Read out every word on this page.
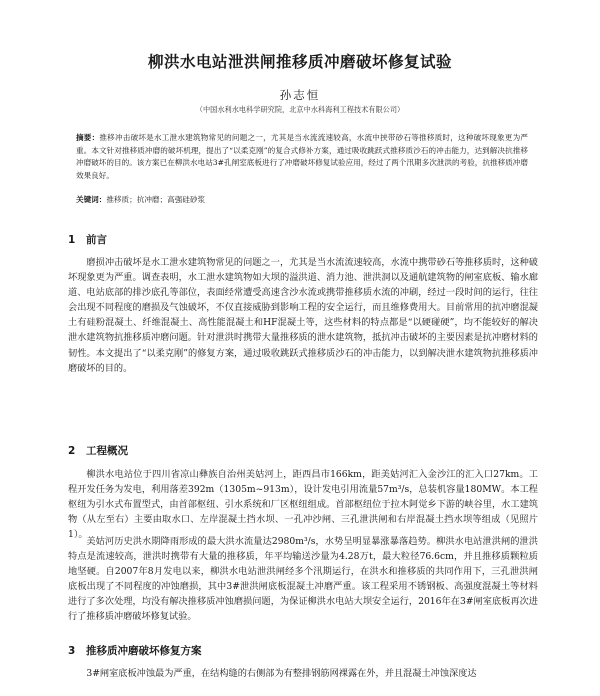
柳洪水电站泄洪闸推移质冲磨破坏修复试验
孙志恒
（中国水利水电科学研究院，北京中水科海利工程技术有限公司）
摘要：推移冲击破坏是水工泄水建筑物常见的问题之一，尤其是当水流流速较高，水流中挟带砂石等推移质时，这种破坏现象更为严重。本文针对推移质冲磨的破坏机理，提出了“以柔克刚”的复合式修补方案，通过吸收跳跃式推移质沙石的冲击能力，达到解决抗推移冲磨破坏的目的。该方案已在柳洪水电站3#孔闸室底板进行了冲磨破坏修复试验应用，经过了两个汛期多次泄洪的考验，抗推移质冲磨效果良好。
关键词：推移质；抗冲磨；高强硅砂浆
1 前言

磨损冲击破坏是水工泄水建筑物常见的问题之一，尤其是当水流流速较高，水流中携带砂石等推移质时，这种破坏现象更为严重。调查表明，水工泄水建筑物如大坝的溢洪道、消力池、泄洪洞以及通航建筑物的闸室底板、输水廊道、电站底部的排沙底孔等部位，表面经常遭受高速含沙水流或携带推移质水流的冲刷，经过一段时间的运行，往往会出现不同程度的磨损及气蚀破坏，不仅直接威胁到影响工程的安全运行，而且维修费用大。目前常用的抗冲磨混凝土有硅粉混凝土、纤维混凝土、高性能混凝土和HF混凝土等，这些材料的特点都是“以硬碰硬”，均不能较好的解决泄水建筑物抗推移质冲磨问题。针对泄洪时携带大量推移质的泄水建筑物，抵抗冲击破坏的主要因素是抗冲磨材料的韧性。本文提出了“以柔克刚”的修复方案，通过吸收跳跃式推移质沙石的冲击能力，以到解决泄水建筑物抗推移质冲磨破坏的目的。

2 工程概况

柳洪水电站位于四川省凉山彝族自治州美姑河上，距西昌市166km，距美姑河汇入金沙江的汇入口27km。工程开发任务为发电，利用落差392m（1305m~913m），设计发电引用流量57m³/s，总装机容量180MW。本工程枢纽为引水式布置型式，由首部枢纽、引水系统和厂区枢纽组成。首部枢纽位于拉木阿觉乡下游的峡谷里，水工建筑物（从左至右）主要由取水口、左岸混凝土挡水坝、一孔冲沙闸、三孔泄洪闸和右岸混凝土挡水坝等组成（见照片1）。

美姑河历史洪水期降雨形成的最大洪水流量达2980m³/s，水势呈明显暴涨暴落趋势。柳洪水电站泄洪闸的泄洪特点是流速较高，泄洪时携带有大量的推移质，年平均输送沙量为4.28万t，最大粒径76.6cm，并且推移质颗粒质地坚硬。自2007年8月发电以来，柳洪水电站泄洪闸经多个汛期运行，在洪水和推移质的共同作用下，三孔泄洪闸底板出现了不同程度的冲蚀磨损，其中3#泄洪闸底板混凝土冲磨严重。该工程采用不锈钢板、高强度混凝土等材料进行了多次处理，均没有解决推移质冲蚀磨损问题，为保证柳洪水电站大坝安全运行，2016年在3#闸室底板再次进行了推移质冲磨破坏修复试验。

3 推移质冲磨破坏修复方案

3#闸室底板冲蚀最为严重，在结构缝的右侧部为有整排钢筋网裸露在外，并且混凝土冲蚀深度达
